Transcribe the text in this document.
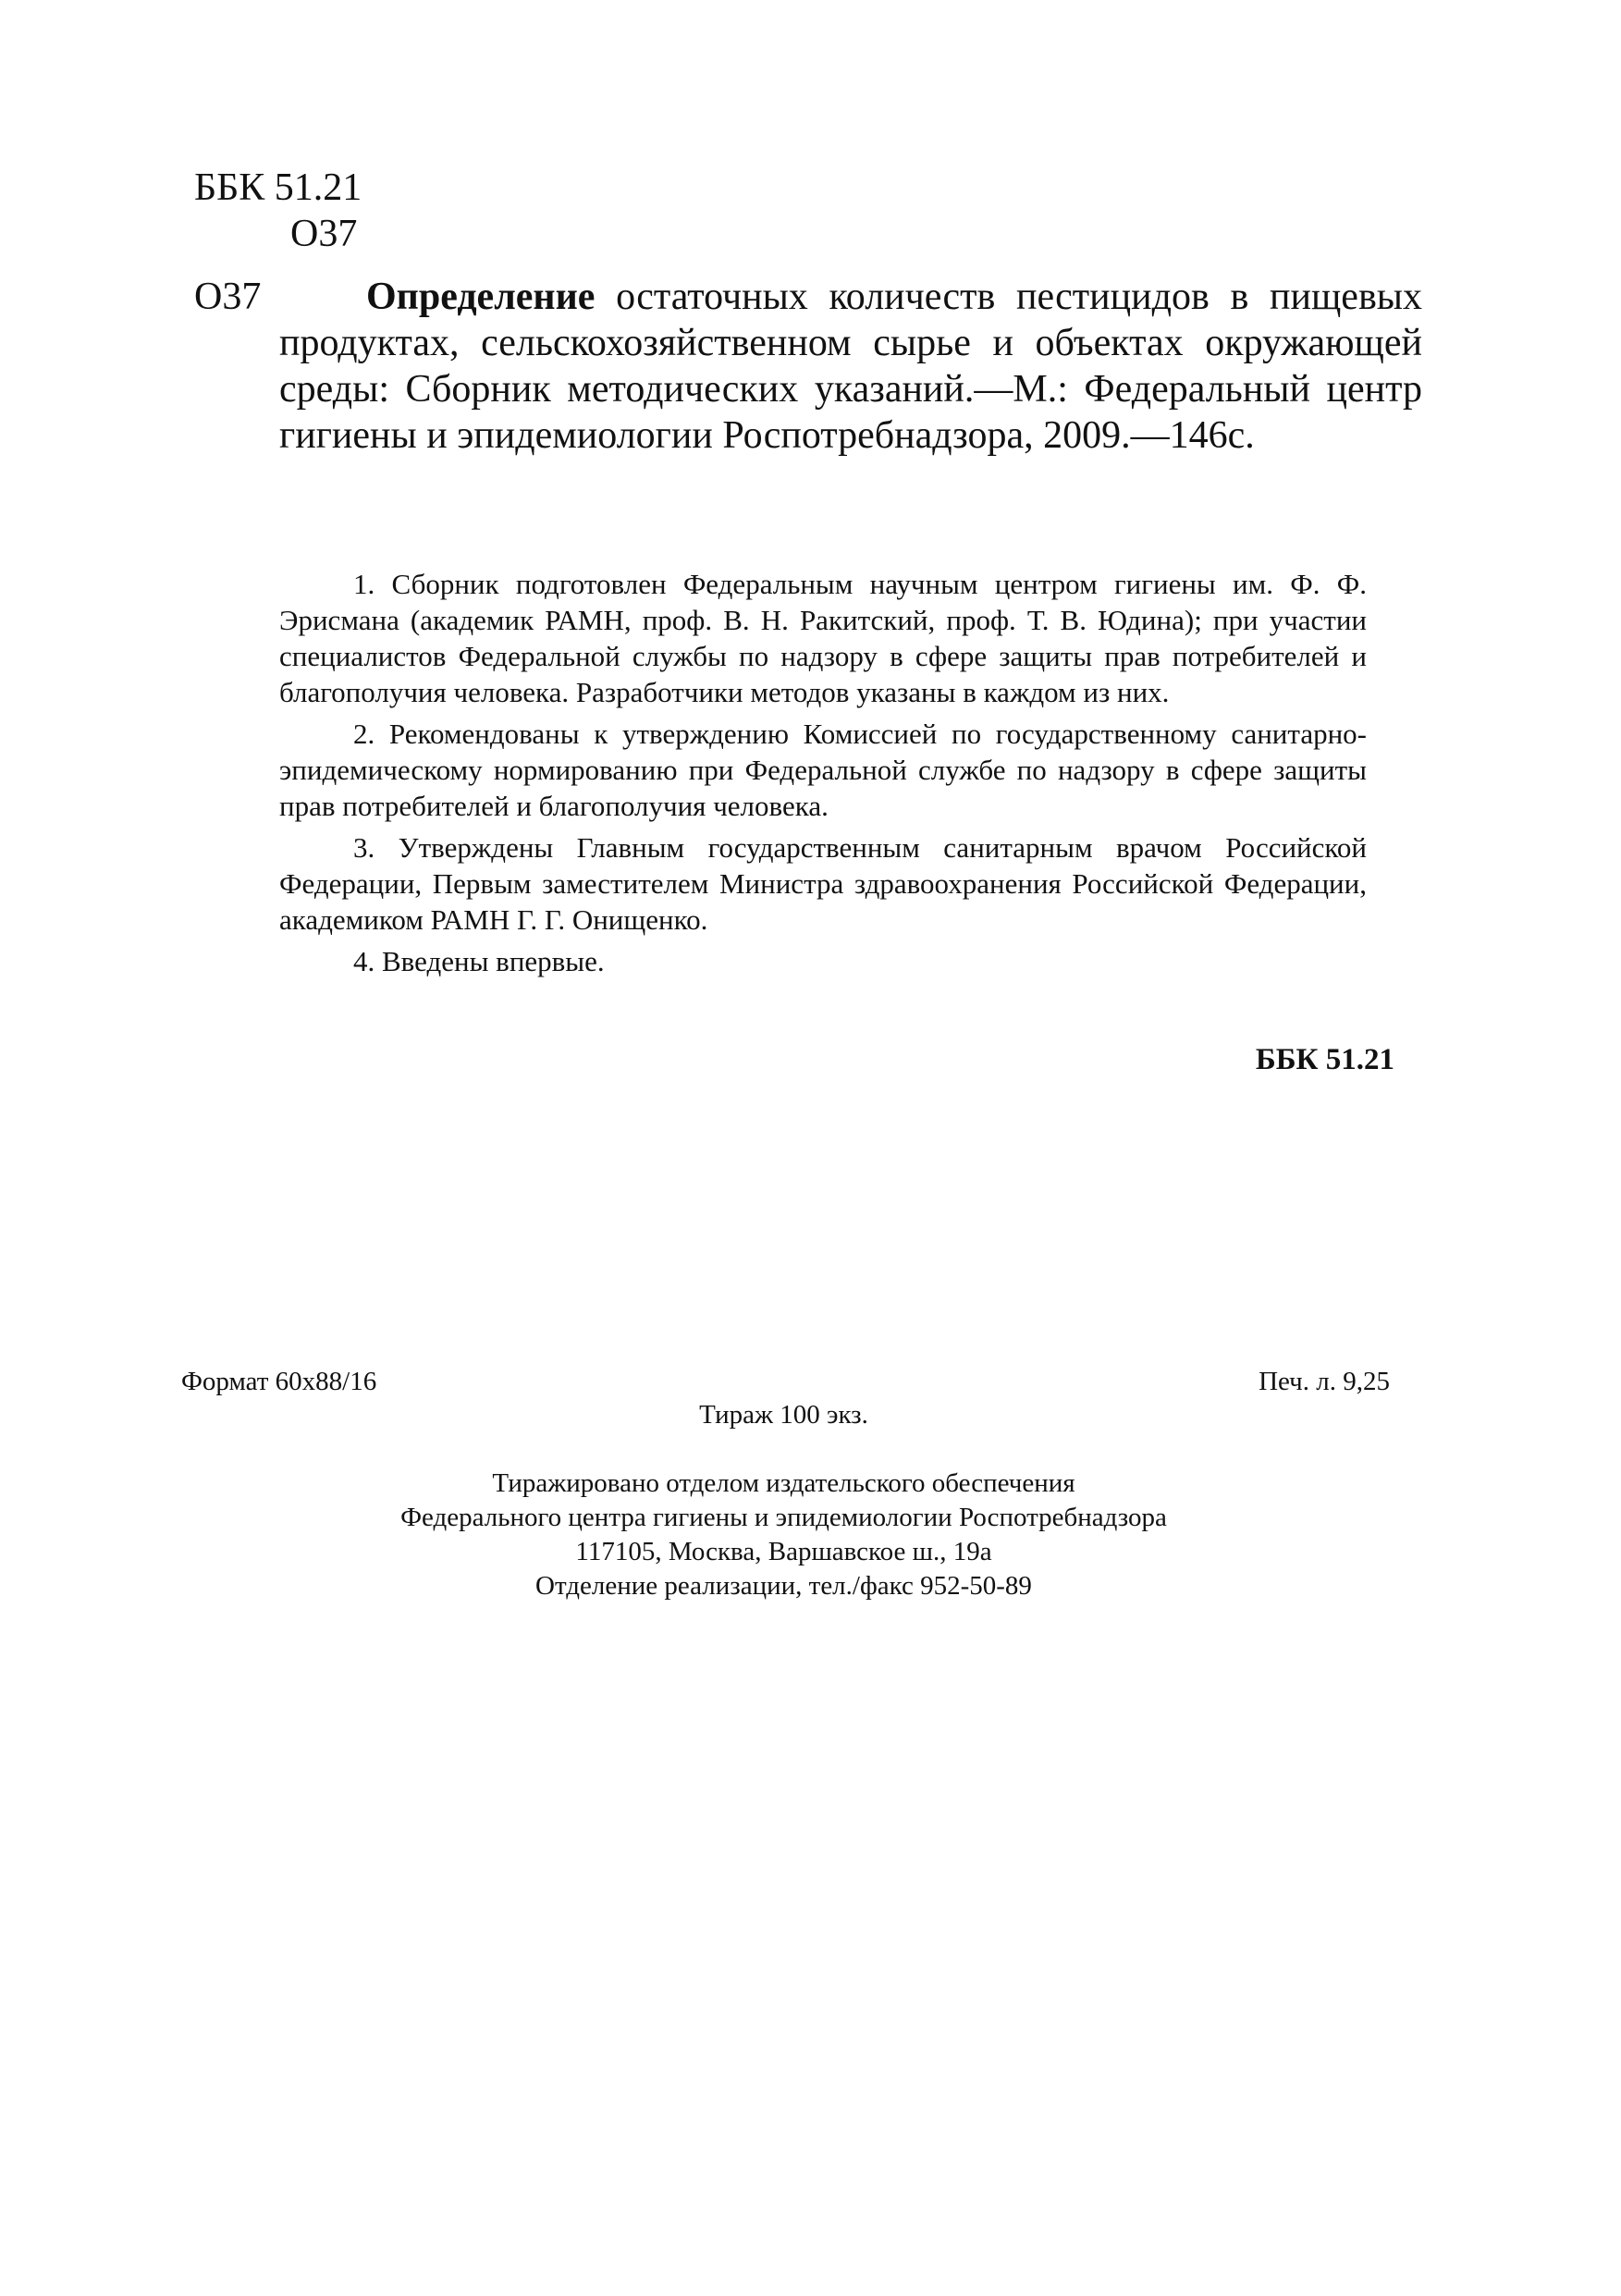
ББК 51.21
О37
О37	Определение остаточных количеств пестицидов в пищевых продуктах, сельскохозяйственном сырье и объектах окружающей среды: Сборник методических указаний.—М.: Федеральный центр гигиены и эпидемиологии Роспотребнадзора, 2009.—146с.

1. Сборник подготовлен Федеральным научным центром гигиены им. Ф. Ф. Эрисмана (академик РАМН, проф. В. Н. Ракитский, проф. Т. В. Юдина); при участии специалистов Федеральной службы по надзору в сфере защиты прав потребителей и благополучия человека. Разработчики методов указаны в каждом из них.

2. Рекомендованы к утверждению Комиссией по государственному санитарно-эпидемическому нормированию при Федеральной службе по надзору в сфере защиты прав потребителей и благополучия человека.

3. Утверждены Главным государственным санитарным врачом Российской Федерации, Первым заместителем Министра здравоохранения Российской Федерации, академиком РАМН Г. Г. Онищенко.

4. Введены впервые.

ББК 51.21
Формат 60x88/16	Печ. л. 9,25
Тираж 100 экз.
Тиражировано отделом издательского обеспечения
Федерального центра гигиены и эпидемиологии Роспотребнадзора
117105, Москва, Варшавское ш., 19а
Отделение реализации, тел./факс 952-50-89
